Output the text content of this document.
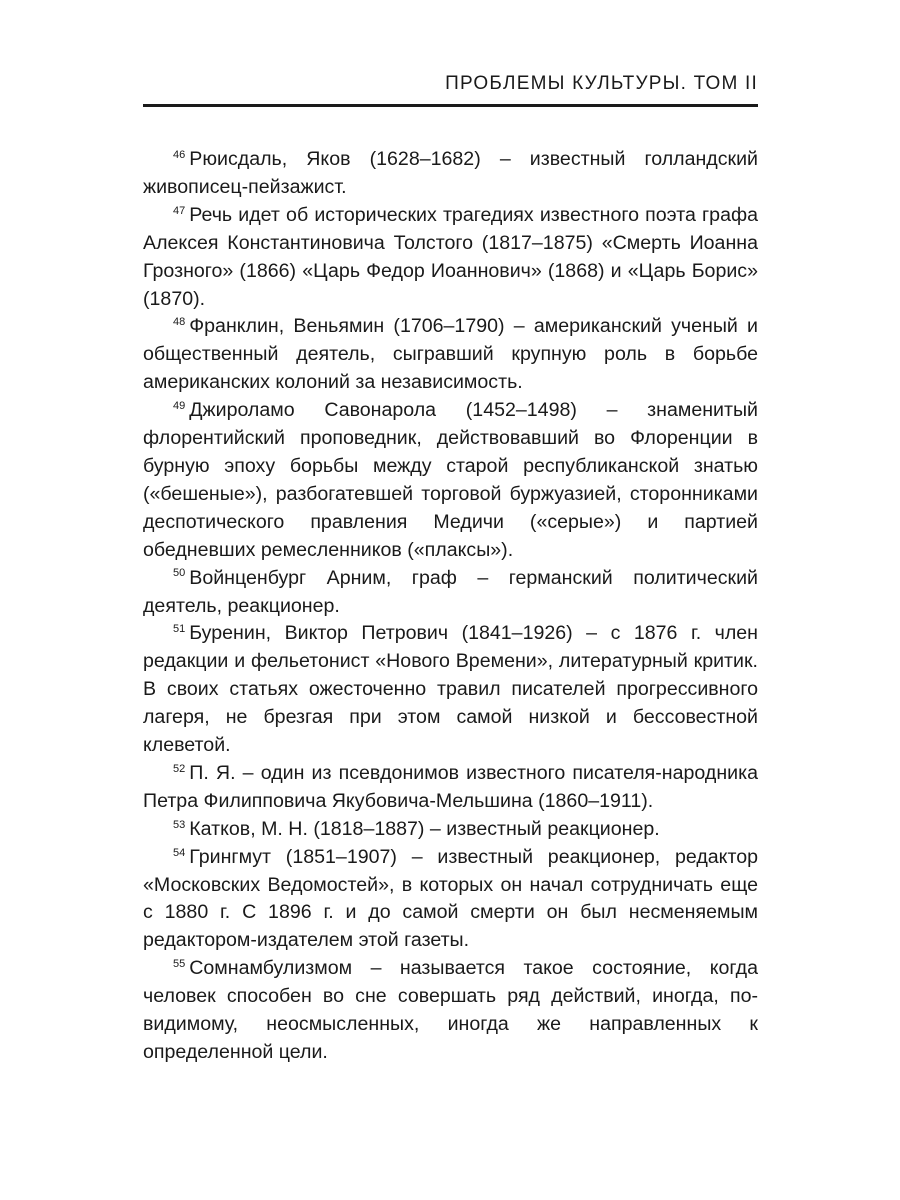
ПРОБЛЕМЫ КУЛЬТУРЫ. ТОМ II

$^{46}$ Рюисдаль, Яков (1628–1682) – известный голландский живописец-пейзажист.

$^{47}$ Речь идет об исторических трагедиях известного поэта графа Алексея Константиновича Толстого (1817–1875) «Смерть Иоанна Грозного» (1866) «Царь Федор Иоаннович» (1868) и «Царь Борис» (1870).

$^{48}$ Франклин, Веньямин (1706–1790) – американский ученый и общественный деятель, сыгравший крупную роль в борьбе американских колоний за независимость.

$^{49}$ Джироламо Савонарола (1452–1498) – знаменитый флорентийский проповедник, действовавший во Флоренции в бурную эпоху борьбы между старой республиканской знатью («бешеные»), разбогатевшей торговой буржуазией, сторонниками деспотического правления Медичи («серые») и партией обедневших ремесленников («плаксы»).

$^{50}$ Войнценбург Арним, граф – германский политический деятель, реакционер.

$^{51}$ Буренин, Виктор Петрович (1841–1926) – с 1876 г. член редакции и фельетонист «Нового Времени», литературный критик. В своих статьях ожесточенно травил писателей прогрессивного лагеря, не брезгая при этом самой низкой и бессовестной клеветой.

$^{52}$ П. Я. – один из псевдонимов известного писателя-народника Петра Филипповича Якубовича-Мельшина (1860–1911).

$^{53}$ Катков, М. Н. (1818–1887) – известный реакционер.

$^{54}$ Грингмут (1851–1907) – известный реакционер, редактор «Московских Ведомостей», в которых он начал сотрудничать еще с 1880 г. С 1896 г. и до самой смерти он был несменяемым редактором-издателем этой газеты.

$^{55}$ Сомнамбулизмом – называется такое состояние, когда человек способен во сне совершать ряд действий, иногда, по-видимому, неосмысленных, иногда же направленных к определенной цели.
